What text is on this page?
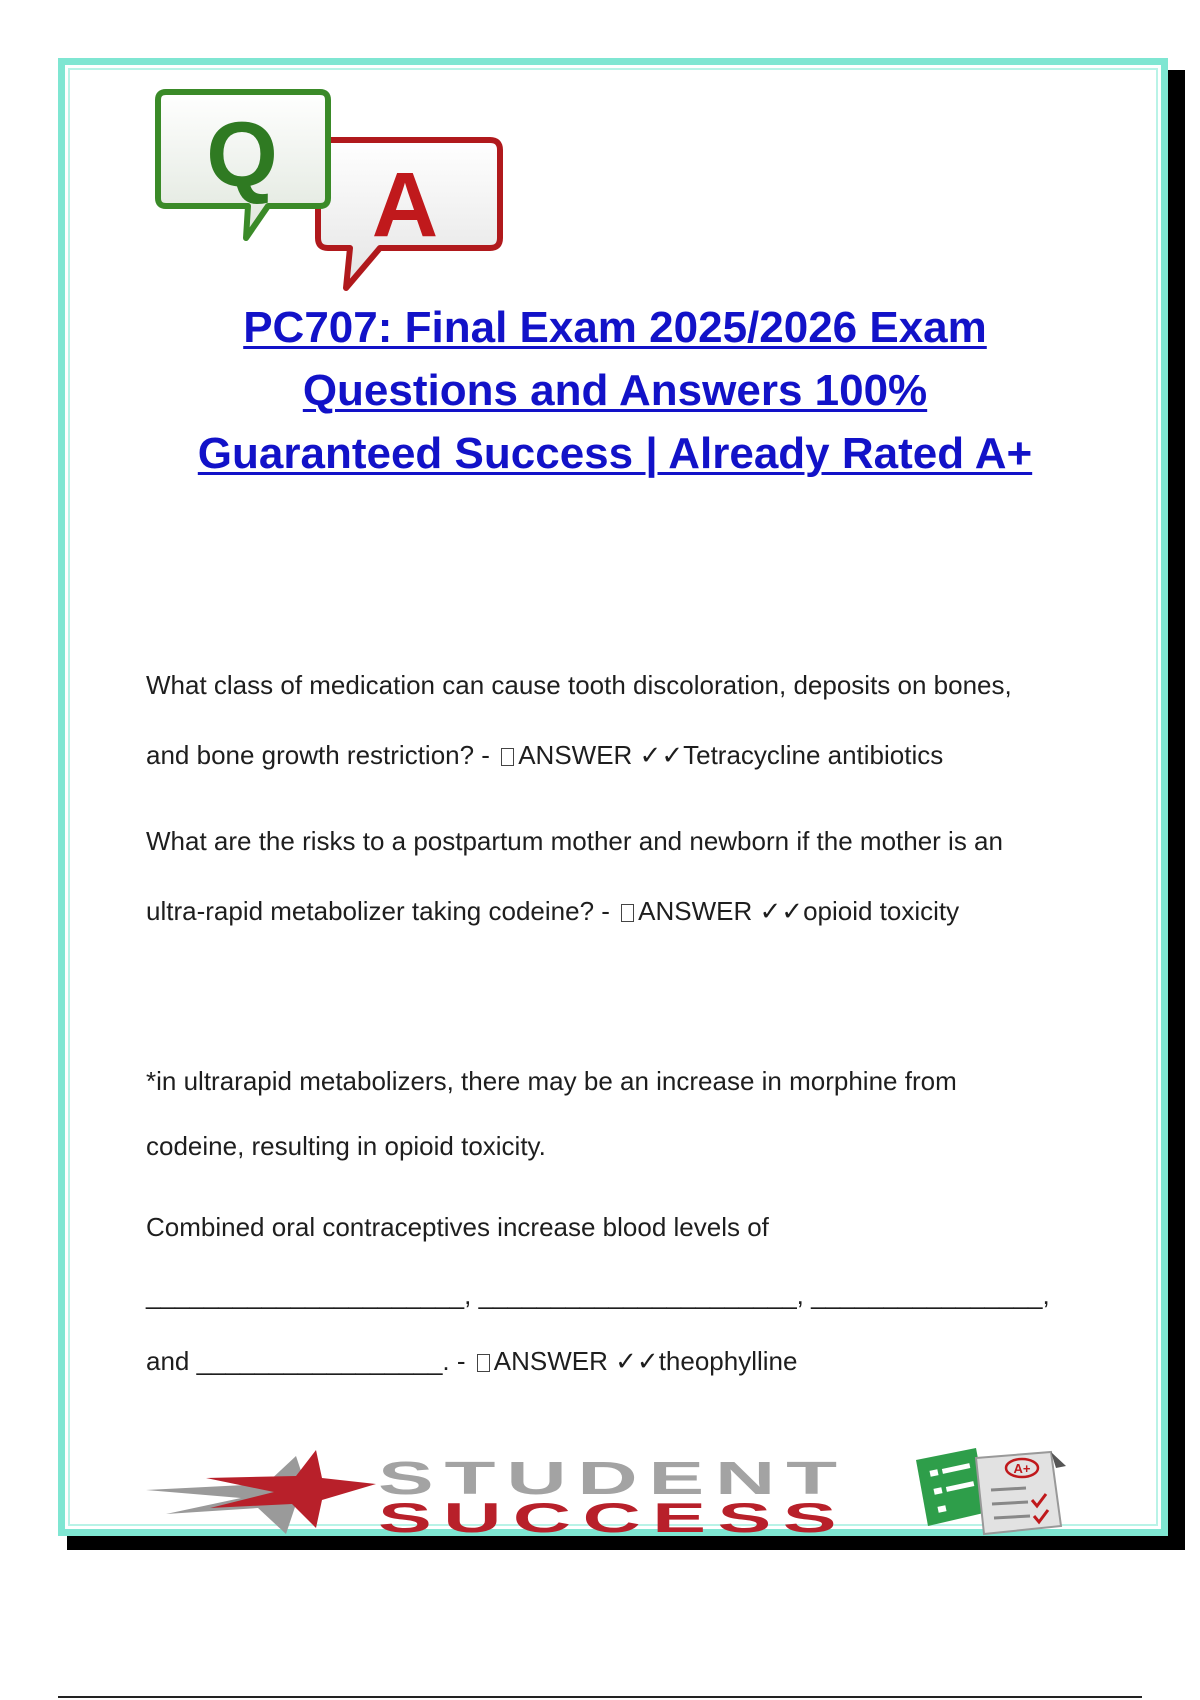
A
Q
PC707: Final Exam 2025/2026 Exam
Questions and Answers 100%
Guaranteed Success | Already Rated A+
What class of medication can cause tooth discoloration, deposits on bones,
and bone growth restriction? - ANSWER ✓✓Tetracycline antibiotics
What are the risks to a postpartum mother and newborn if the mother is an
ultra-rapid metabolizer taking codeine? - ANSWER ✓✓opioid toxicity
*in ultrarapid metabolizers, there may be an increase in morphine from
codeine, resulting in opioid toxicity.
Combined oral contraceptives increase blood levels of
______________________, ______________________, ________________,
and _________________. - ANSWER ✓✓theophylline
STUDENT
SUCCESS
A+
